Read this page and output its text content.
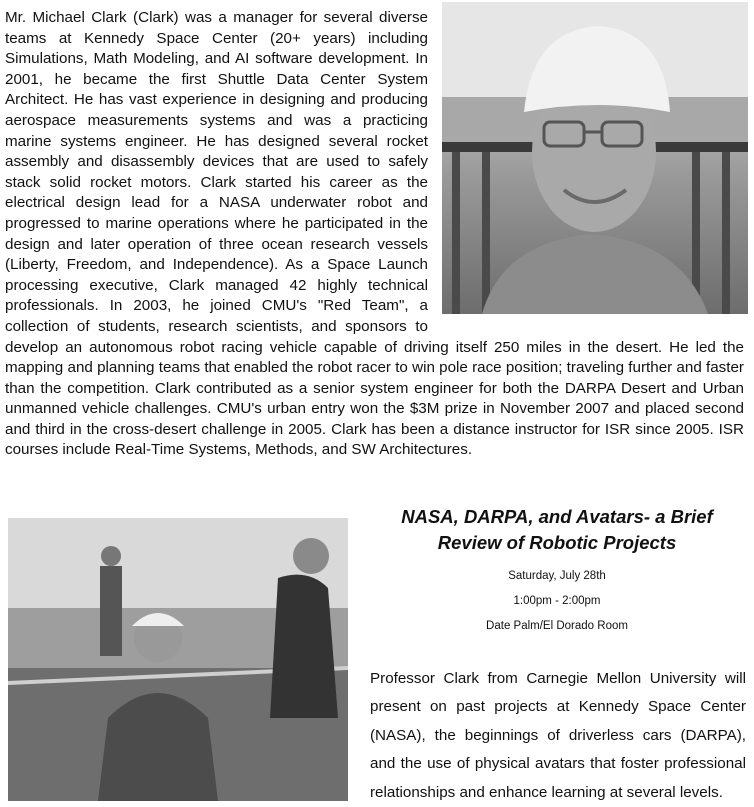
Mr. Michael Clark (Clark) was a manager for several diverse teams at Kennedy Space Center (20+ years) including Simulations, Math Modeling, and AI software development. In 2001, he became the first Shuttle Data Center System Architect. He has vast experience in designing and producing aerospace measurements systems and was a practicing marine systems engineer. He has designed several rocket assembly and disassembly devices that are used to safely stack solid rocket motors. Clark started his career as the electrical design lead for a NASA underwater robot and progressed to marine operations where he participated in the design and later operation of three ocean research vessels (Liberty, Freedom, and Independence). As a Space Launch processing executive, Clark managed 42 highly technical professionals. In 2003, he joined CMU's "Red Team", a collection of students, research scientists, and sponsors to develop an autonomous robot racing vehicle capable of driving itself 250 miles in the desert. He led the mapping and planning teams that enabled the robot racer to win pole race position; traveling further and faster than the competition. Clark contributed as a senior system engineer for both the DARPA Desert and Urban unmanned vehicle challenges. CMU's urban entry won the $3M prize in November 2007 and placed second and third in the cross-desert challenge in 2005. Clark has been a distance instructor for ISR since 2005. ISR courses include Real-Time Systems, Methods, and SW Architectures.

NASA, DARPA, and Avatars- a Brief Review of Robotic Projects

Saturday, July 28th

1:00pm - 2:00pm

Date Palm/El Dorado Room

Professor Clark from Carnegie Mellon University will present on past projects at Kennedy Space Center (NASA), the beginnings of driverless cars (DARPA), and the use of physical avatars that foster professional relationships and enhance learning at several levels.
